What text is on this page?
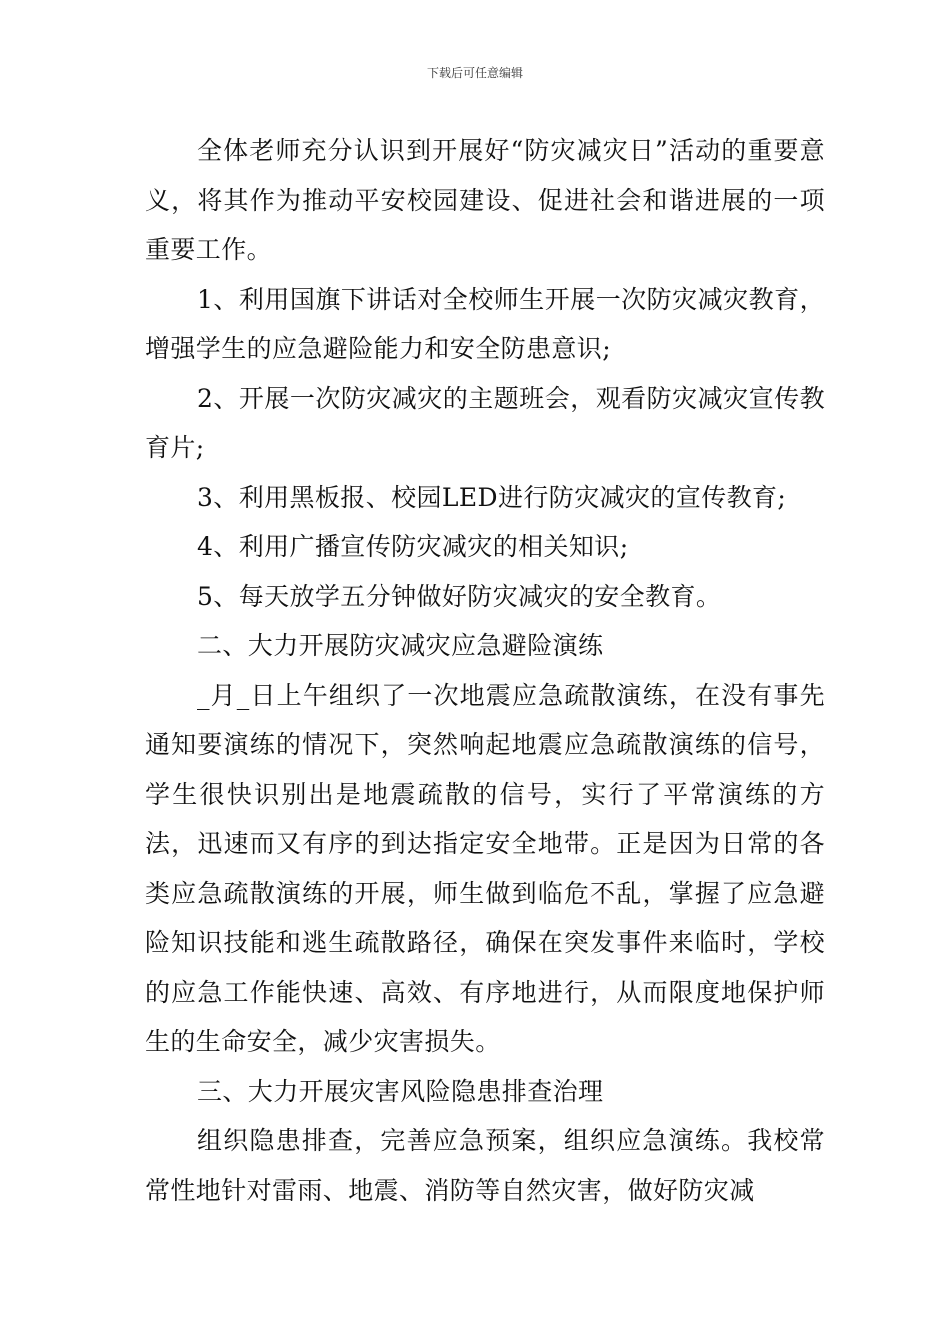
下载后可任意编辑

全体老师充分认识到开展好“防灾减灾日”活动的重要意义，将其作为推动平安校园建设、促进社会和谐进展的一项重要工作。

1、利用国旗下讲话对全校师生开展一次防灾减灾教育，增强学生的应急避险能力和安全防患意识;

2、开展一次防灾减灾的主题班会，观看防灾减灾宣传教育片;

3、利用黑板报、校园LED进行防灾减灾的宣传教育;

4、利用广播宣传防灾减灾的相关知识;

5、每天放学五分钟做好防灾减灾的安全教育。

二、大力开展防灾减灾应急避险演练

_月_日上午组织了一次地震应急疏散演练，在没有事先通知要演练的情况下，突然响起地震应急疏散演练的信号，学生很快识别出是地震疏散的信号，实行了平常演练的方法，迅速而又有序的到达指定安全地带。正是因为日常的各类应急疏散演练的开展，师生做到临危不乱，掌握了应急避险知识技能和逃生疏散路径，确保在突发事件来临时，学校的应急工作能快速、高效、有序地进行，从而限度地保护师生的生命安全，减少灾害损失。

三、大力开展灾害风险隐患排查治理

组织隐患排查，完善应急预案，组织应急演练。我校常常性地针对雷雨、地震、消防等自然灾害，做好防灾减
